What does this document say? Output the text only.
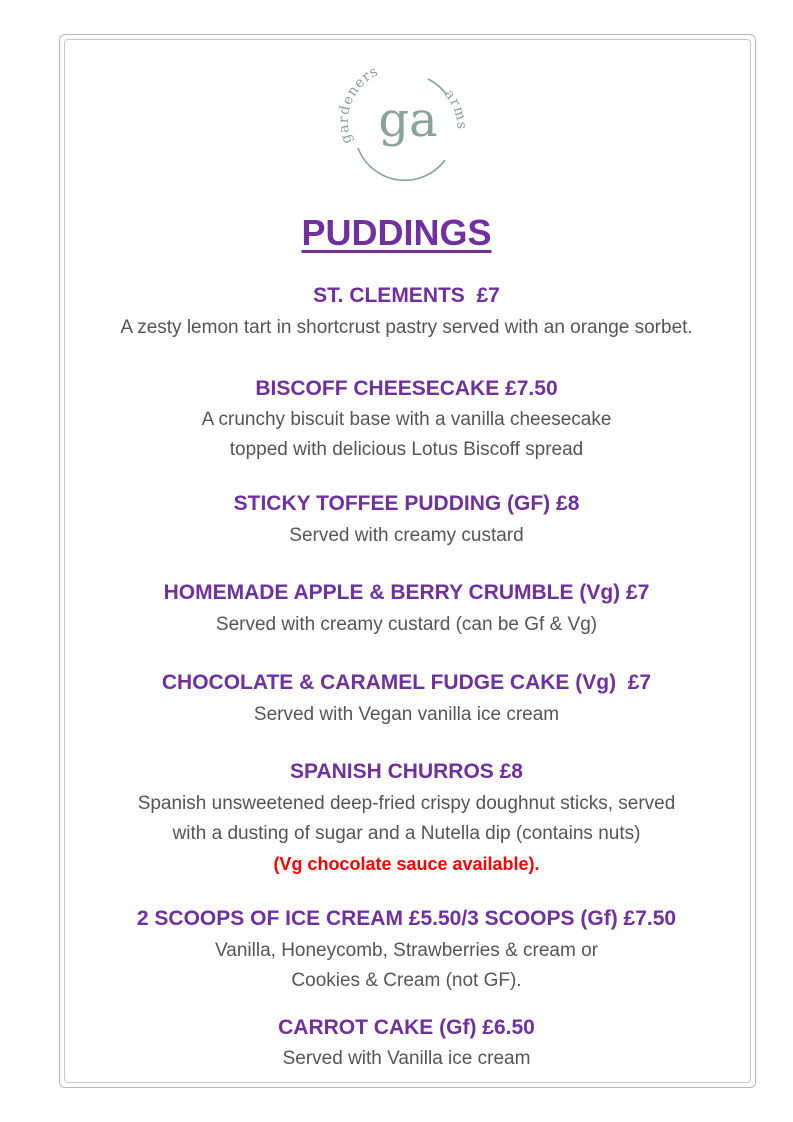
gardeners
arms
ga
PUDDINGS
ST. CLEMENTS  £7
A zesty lemon tart in shortcrust pastry served with an orange sorbet.
BISCOFF CHEESECAKE £7.50
A crunchy biscuit base with a vanilla cheesecake
topped with delicious Lotus Biscoff spread
STICKY TOFFEE PUDDING (GF) £8
Served with creamy custard
HOMEMADE APPLE & BERRY CRUMBLE (Vg) £7
Served with creamy custard (can be Gf & Vg)
CHOCOLATE & CARAMEL FUDGE CAKE (Vg)  £7
Served with Vegan vanilla ice cream
SPANISH CHURROS £8
Spanish unsweetened deep-fried crispy doughnut sticks, served
with a dusting of sugar and a Nutella dip (contains nuts)
(Vg chocolate sauce available).
2 SCOOPS OF ICE CREAM £5.50/3 SCOOPS (Gf) £7.50
Vanilla, Honeycomb, Strawberries & cream or
Cookies & Cream (not GF).
CARROT CAKE (Gf) £6.50
Served with Vanilla ice cream
